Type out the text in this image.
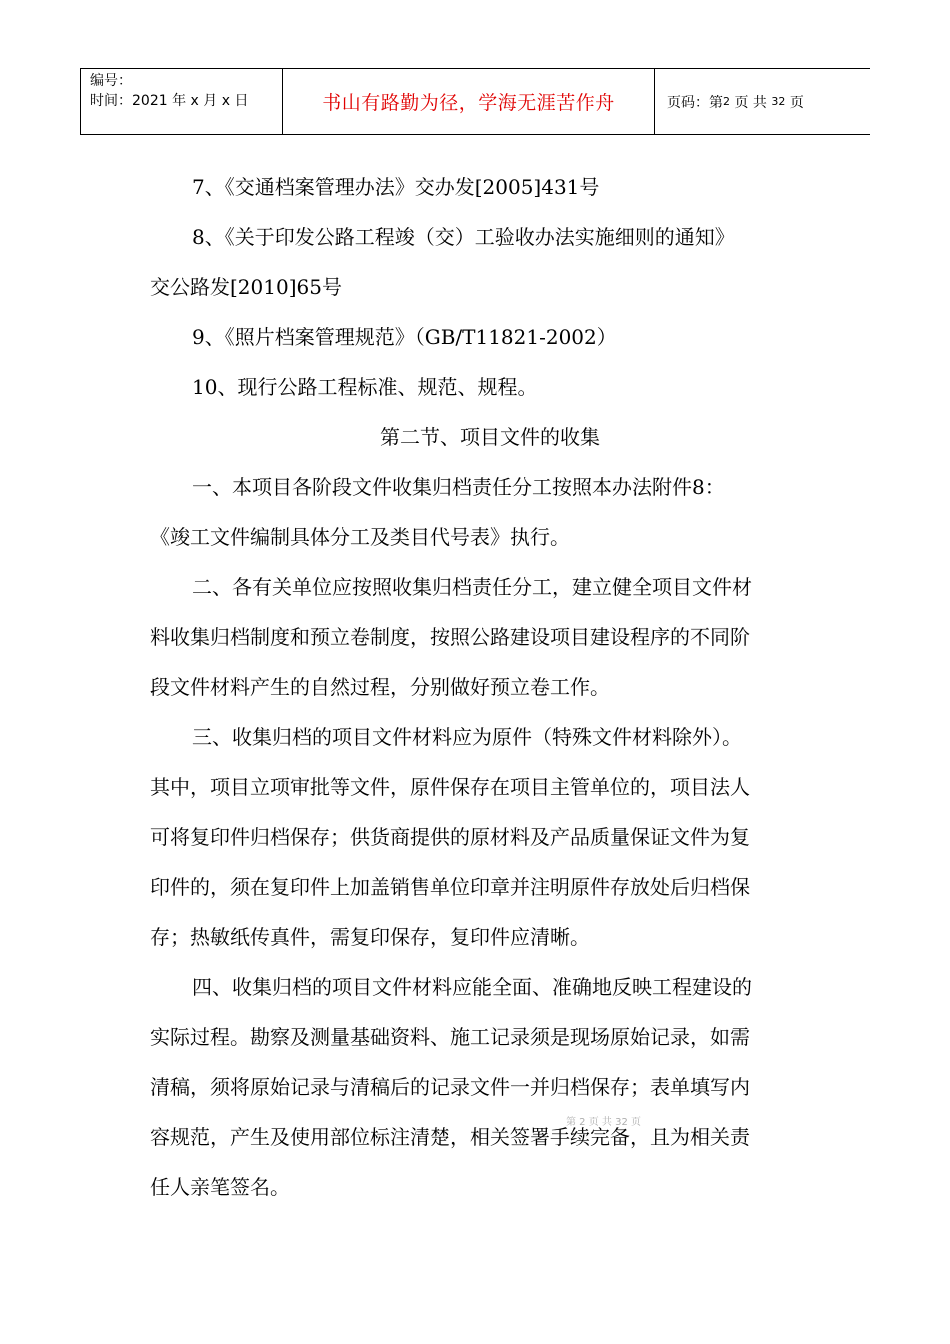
编号：
时间：2021 年 x 月 x 日	书山有路勤为径，学海无涯苦作舟	页码：第 2
页 共
32
页

7、《交通档案管理办法》交办发[2005]431号

8、《关于印发公路工程竣（交）工验收办法实施细则的通知》

交公路发[2010]65号

9、《照片档案管理规范》（GB/T11821-2002）

10、现行公路工程标准、规范、规程。

第二节、项目文件的收集

一、本项目各阶段文件收集归档责任分工按照本办法附件8：

《竣工文件编制具体分工及类目代号表》执行。

二、各有关单位应按照收集归档责任分工，建立健全项目文件材

料收集归档制度和预立卷制度，按照公路建设项目建设程序的不同阶

段文件材料产生的自然过程，分别做好预立卷工作。

三、收集归档的项目文件材料应为原件（特殊文件材料除外）。

其中，项目立项审批等文件，原件保存在项目主管单位的，项目法人

可将复印件归档保存；供货商提供的原材料及产品质量保证文件为复

印件的，须在复印件上加盖销售单位印章并注明原件存放处后归档保

存；热敏纸传真件，需复印保存，复印件应清晰。

四、收集归档的项目文件材料应能全面、准确地反映工程建设的

实际过程。勘察及测量基础资料、施工记录须是现场原始记录，如需

清稿，须将原始记录与清稿后的记录文件一并归档保存；表单填写内

容规范，产生及使用部位标注清楚，相关签署手续完备，且为相关责

任人亲笔签名。

第 2 页 共 32 页
